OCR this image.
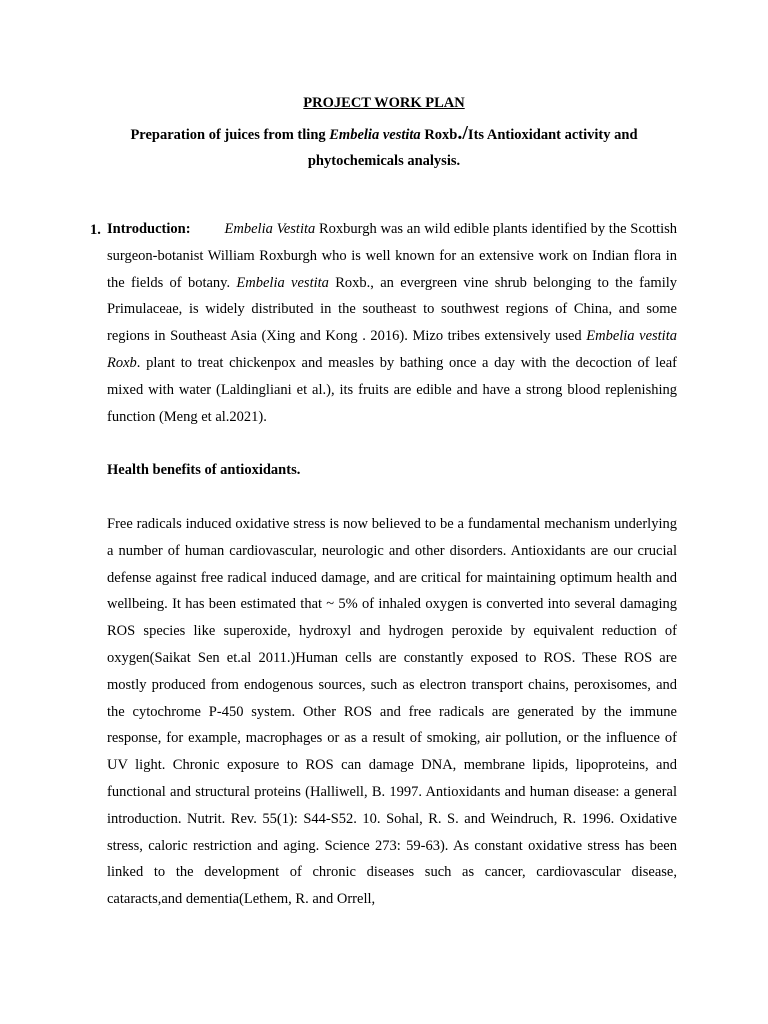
PROJECT WORK PLAN

Preparation of juices from tling Embelia vestita Roxb./Its Antioxidant activity and

phytochemicals analysis.

1. Introduction: Embelia Vestita Roxburgh was an wild edible plants identified by the Scottish surgeon-botanist William Roxburgh who is well known for an extensive work on Indian flora in the fields of botany. Embelia vestita Roxb., an evergreen vine shrub belonging to the family Primulaceae, is widely distributed in the southeast to southwest regions of China, and some regions in Southeast Asia (Xing and Kong . 2016). Mizo tribes extensively used Embelia vestita Roxb. plant to treat chickenpox and measles by bathing once a day with the decoction of leaf mixed with water (Laldingliani et al.), its fruits are edible and have a strong blood replenishing function (Meng et al.2021).

Health benefits of antioxidants.

Free radicals induced oxidative stress is now believed to be a fundamental mechanism underlying a number of human cardiovascular, neurologic and other disorders. Antioxidants are our crucial defense against free radical induced damage, and are critical for maintaining optimum health and wellbeing. It has been estimated that ~ 5% of inhaled oxygen is converted into several damaging ROS species like superoxide, hydroxyl and hydrogen peroxide by equivalent reduction of oxygen(Saikat Sen et.al 2011.)Human cells are constantly exposed to ROS. These ROS are mostly produced from endogenous sources, such as electron transport chains, peroxisomes, and the cytochrome P-450 system. Other ROS and free radicals are generated by the immune response, for example, macrophages or as a result of smoking, air pollution, or the influence of UV light. Chronic exposure to ROS can damage DNA, membrane lipids, lipoproteins, and functional and structural proteins (Halliwell, B. 1997. Antioxidants and human disease: a general introduction. Nutrit. Rev. 55(1): S44-S52. 10. Sohal, R. S. and Weindruch, R. 1996. Oxidative stress, caloric restriction and aging. Science 273: 59-63). As constant oxidative stress has been linked to the development of chronic diseases such as cancer, cardiovascular disease, cataracts,and dementia(Lethem, R. and Orrell,
